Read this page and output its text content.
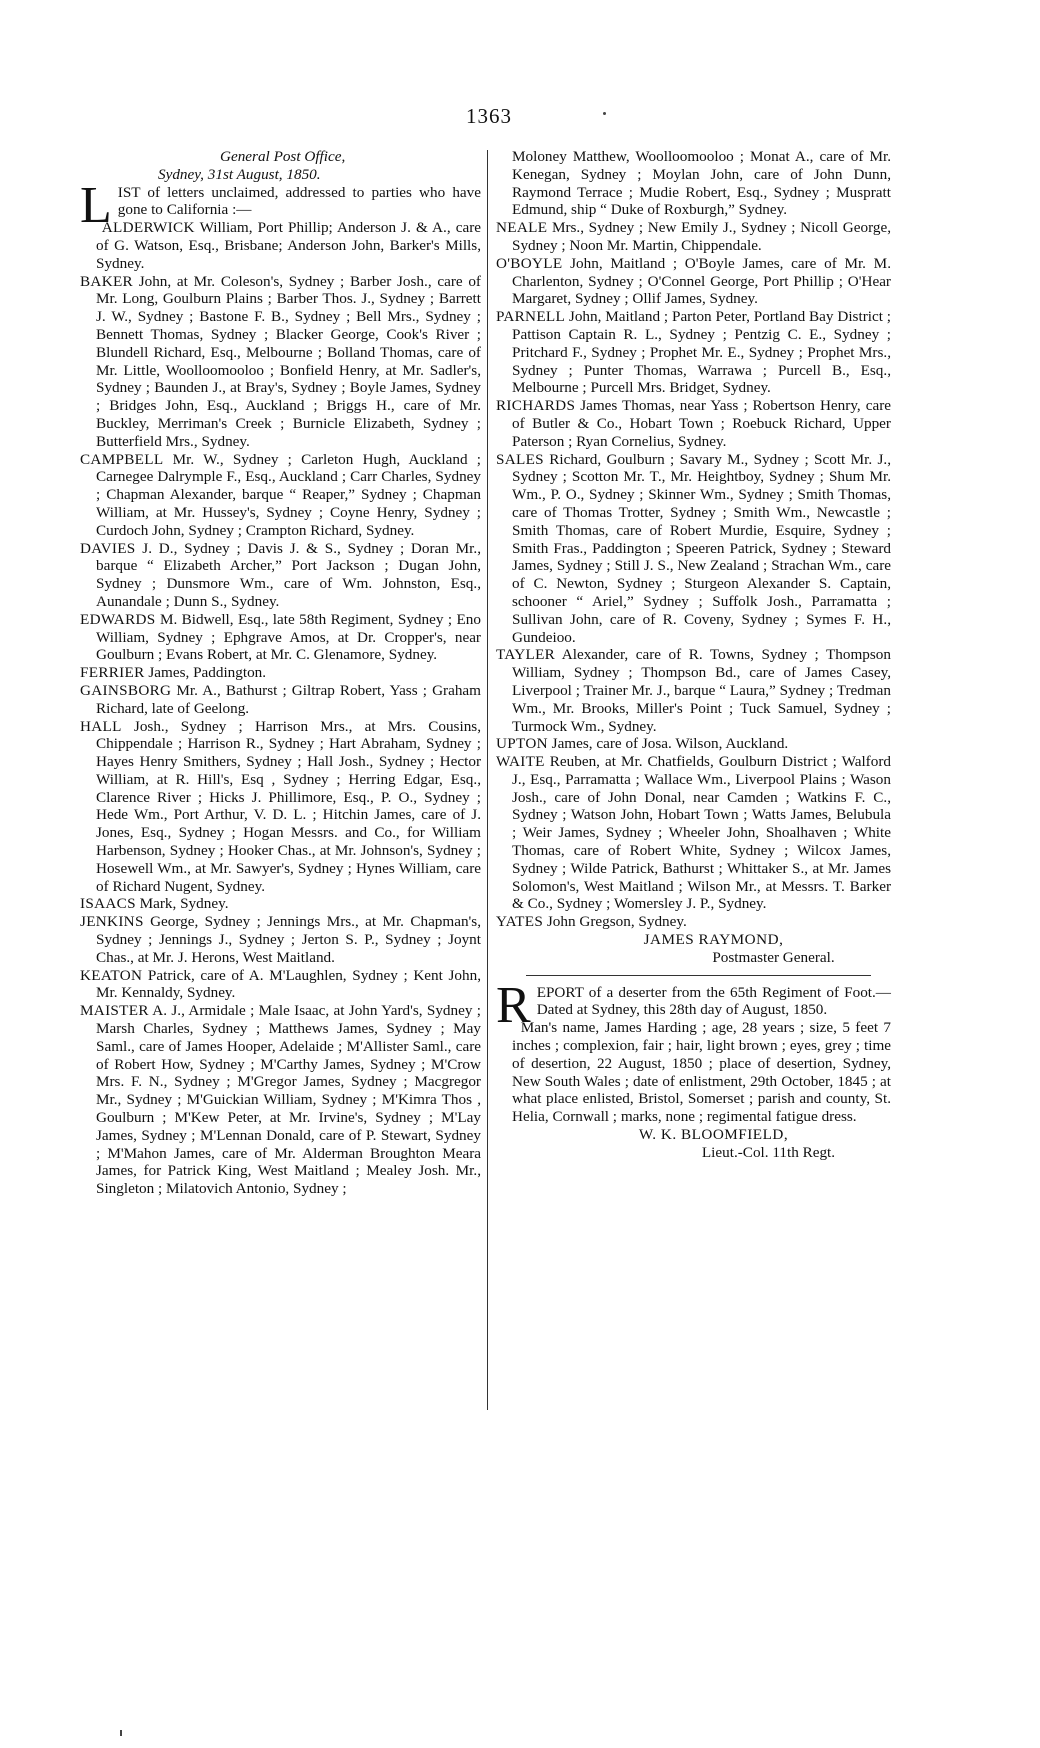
1363
General Post Office,
Sydney, 31st August, 1850.

LIST of letters unclaimed, addressed to parties who have gone to California :—

ALDERWICK William, Port Phillip; Anderson J. & A., care of G. Watson, Esq., Brisbane; Anderson John, Barker's Mills, Sydney.

BAKER John, at Mr. Coleson's, Sydney ; Barber Josh., care of Mr. Long, Goulburn Plains ; Barber Thos. J., Sydney ; Barrett J. W., Sydney ; Bastone F. B., Sydney ; Bell Mrs., Sydney ; Bennett Thomas, Sydney ; Blacker George, Cook's River ; Blundell Richard, Esq., Melbourne ; Bolland Thomas, care of Mr. Little, Woolloomooloo ; Bonfield Henry, at Mr. Sadler's, Sydney ; Baunden J., at Bray's, Sydney ; Boyle James, Sydney ; Bridges John, Esq., Auckland ; Briggs H., care of Mr. Buckley, Merriman's Creek ; Burnicle Elizabeth, Sydney ; Butterfield Mrs., Sydney.

CAMPBELL Mr. W., Sydney ; Carleton Hugh, Auckland ; Carnegee Dalrymple F., Esq., Auckland ; Carr Charles, Sydney ; Chapman Alexander, barque “ Reaper,” Sydney ; Chapman William, at Mr. Hussey's, Sydney ; Coyne Henry, Sydney ; Curdoch John, Sydney ; Crampton Richard, Sydney.

DAVIES J. D., Sydney ; Davis J. & S., Sydney ; Doran Mr., barque “ Elizabeth Archer,” Port Jackson ; Dugan John, Sydney ; Dunsmore Wm., care of Wm. Johnston, Esq., Aunandale ; Dunn S., Sydney.

EDWARDS M. Bidwell, Esq., late 58th Regiment, Sydney ; Eno William, Sydney ; Ephgrave Amos, at Dr. Cropper's, near Goulburn ; Evans Robert, at Mr. C. Glenamore, Sydney.

FERRIER James, Paddington.

GAINSBORG Mr. A., Bathurst ; Giltrap Robert, Yass ; Graham Richard, late of Geelong.

HALL Josh., Sydney ; Harrison Mrs., at Mrs. Cousins, Chippendale ; Harrison R., Sydney ; Hart Abraham, Sydney ; Hayes Henry Smithers, Sydney ; Hall Josh., Sydney ; Hector William, at R. Hill's, Esq , Sydney ; Herring Edgar, Esq., Clarence River ; Hicks J. Phillimore, Esq., P. O., Sydney ; Hede Wm., Port Arthur, V. D. L. ; Hitchin James, care of J. Jones, Esq., Sydney ; Hogan Messrs. and Co., for William Harbenson, Sydney ; Hooker Chas., at Mr. Johnson's, Sydney ; Hosewell Wm., at Mr. Sawyer's, Sydney ; Hynes William, care of Richard Nugent, Sydney.

ISAACS Mark, Sydney.

JENKINS George, Sydney ; Jennings Mrs., at Mr. Chapman's, Sydney ; Jennings J., Sydney ; Jerton S. P., Sydney ; Joynt Chas., at Mr. J. Herons, West Maitland.

KEATON Patrick, care of A. M'Laughlen, Sydney ; Kent John, Mr. Kennaldy, Sydney.

MAISTER A. J., Armidale ; Male Isaac, at John Yard's, Sydney ; Marsh Charles, Sydney ; Matthews James, Sydney ; May Saml., care of James Hooper, Adelaide ; M'Allister Saml., care of Robert How, Sydney ; M'Carthy James, Sydney ; M'Crow Mrs. F. N., Sydney ; M'Gregor James, Sydney ; Macgregor Mr., Sydney ; M'Guickian William, Sydney ; M'Kimra Thos , Goulburn ; M'Kew Peter, at Mr. Irvine's, Sydney ; M'Lay James, Sydney ; M'Lennan Donald, care of P. Stewart, Sydney ; M'Mahon James, care of Mr. Alderman Broughton Meara James, for Patrick King, West Maitland ; Mealey Josh. Mr., Singleton ; Milatovich Antonio, Sydney ;

Moloney Matthew, Woolloomooloo ; Monat A., care of Mr. Kenegan, Sydney ; Moylan John, care of John Dunn, Raymond Terrace ; Mudie Robert, Esq., Sydney ; Muspratt Edmund, ship “ Duke of Roxburgh,” Sydney.

NEALE Mrs., Sydney ; New Emily J., Sydney ; Nicoll George, Sydney ; Noon Mr. Martin, Chippendale.

O'BOYLE John, Maitland ; O'Boyle James, care of Mr. M. Charlenton, Sydney ; O'Connel George, Port Phillip ; O'Hear Margaret, Sydney ; Ollif James, Sydney.

PARNELL John, Maitland ; Parton Peter, Portland Bay District ; Pattison Captain R. L., Sydney ; Pentzig C. E., Sydney ; Pritchard F., Sydney ; Prophet Mr. E., Sydney ; Prophet Mrs., Sydney ; Punter Thomas, Warrawa ; Purcell B., Esq., Melbourne ; Purcell Mrs. Bridget, Sydney.

RICHARDS James Thomas, near Yass ; Robertson Henry, care of Butler & Co., Hobart Town ; Roebuck Richard, Upper Paterson ; Ryan Cornelius, Sydney.

SALES Richard, Goulburn ; Savary M., Sydney ; Scott Mr. J., Sydney ; Scotton Mr. T., Mr. Heightboy, Sydney ; Shum Mr. Wm., P. O., Sydney ; Skinner Wm., Sydney ; Smith Thomas, care of Thomas Trotter, Sydney ; Smith Wm., Newcastle ; Smith Thomas, care of Robert Murdie, Esquire, Sydney ; Smith Fras., Paddington ; Speeren Patrick, Sydney ; Steward James, Sydney ; Still J. S., New Zealand ; Strachan Wm., care of C. Newton, Sydney ; Sturgeon Alexander S. Captain, schooner “ Ariel,” Sydney ; Suffolk Josh., Parramatta ; Sullivan John, care of R. Coveny, Sydney ; Symes F. H., Gundeioo.

TAYLER Alexander, care of R. Towns, Sydney ; Thompson William, Sydney ; Thompson Bd., care of James Casey, Liverpool ; Trainer Mr. J., barque “ Laura,” Sydney ; Tredman Wm., Mr. Brooks, Miller's Point ; Tuck Samuel, Sydney ; Turmock Wm., Sydney.

UPTON James, care of Josa. Wilson, Auckland.

WAITE Reuben, at Mr. Chatfields, Goulburn District ; Walford J., Esq., Parramatta ; Wallace Wm., Liverpool Plains ; Wason Josh., care of John Donal, near Camden ; Watkins F. C., Sydney ; Watson John, Hobart Town ; Watts James, Belubula ; Weir James, Sydney ; Wheeler John, Shoalhaven ; White Thomas, care of Robert White, Sydney ; Wilcox James, Sydney ; Wilde Patrick, Bathurst ; Whittaker S., at Mr. James Solomon's, West Maitland ; Wilson Mr., at Messrs. T. Barker & Co., Sydney ; Womersley J. P., Sydney.

YATES John Gregson, Sydney.

JAMES RAYMOND,

Postmaster General.

REPORT of a deserter from the 65th Regiment of Foot.—Dated at Sydney, this 28th day of August, 1850.

Man's name, James Harding ; age, 28 years ; size, 5 feet 7 inches ; complexion, fair ; hair, light brown ; eyes, grey ; time of desertion, 22 August, 1850 ; place of desertion, Sydney, New South Wales ; date of enlistment, 29th October, 1845 ; at what place enlisted, Bristol, Somerset ; parish and county, St. Helia, Cornwall ; marks, none ; regimental fatigue dress.

W. K. BLOOMFIELD,

Lieut.-Col. 11th Regt.
